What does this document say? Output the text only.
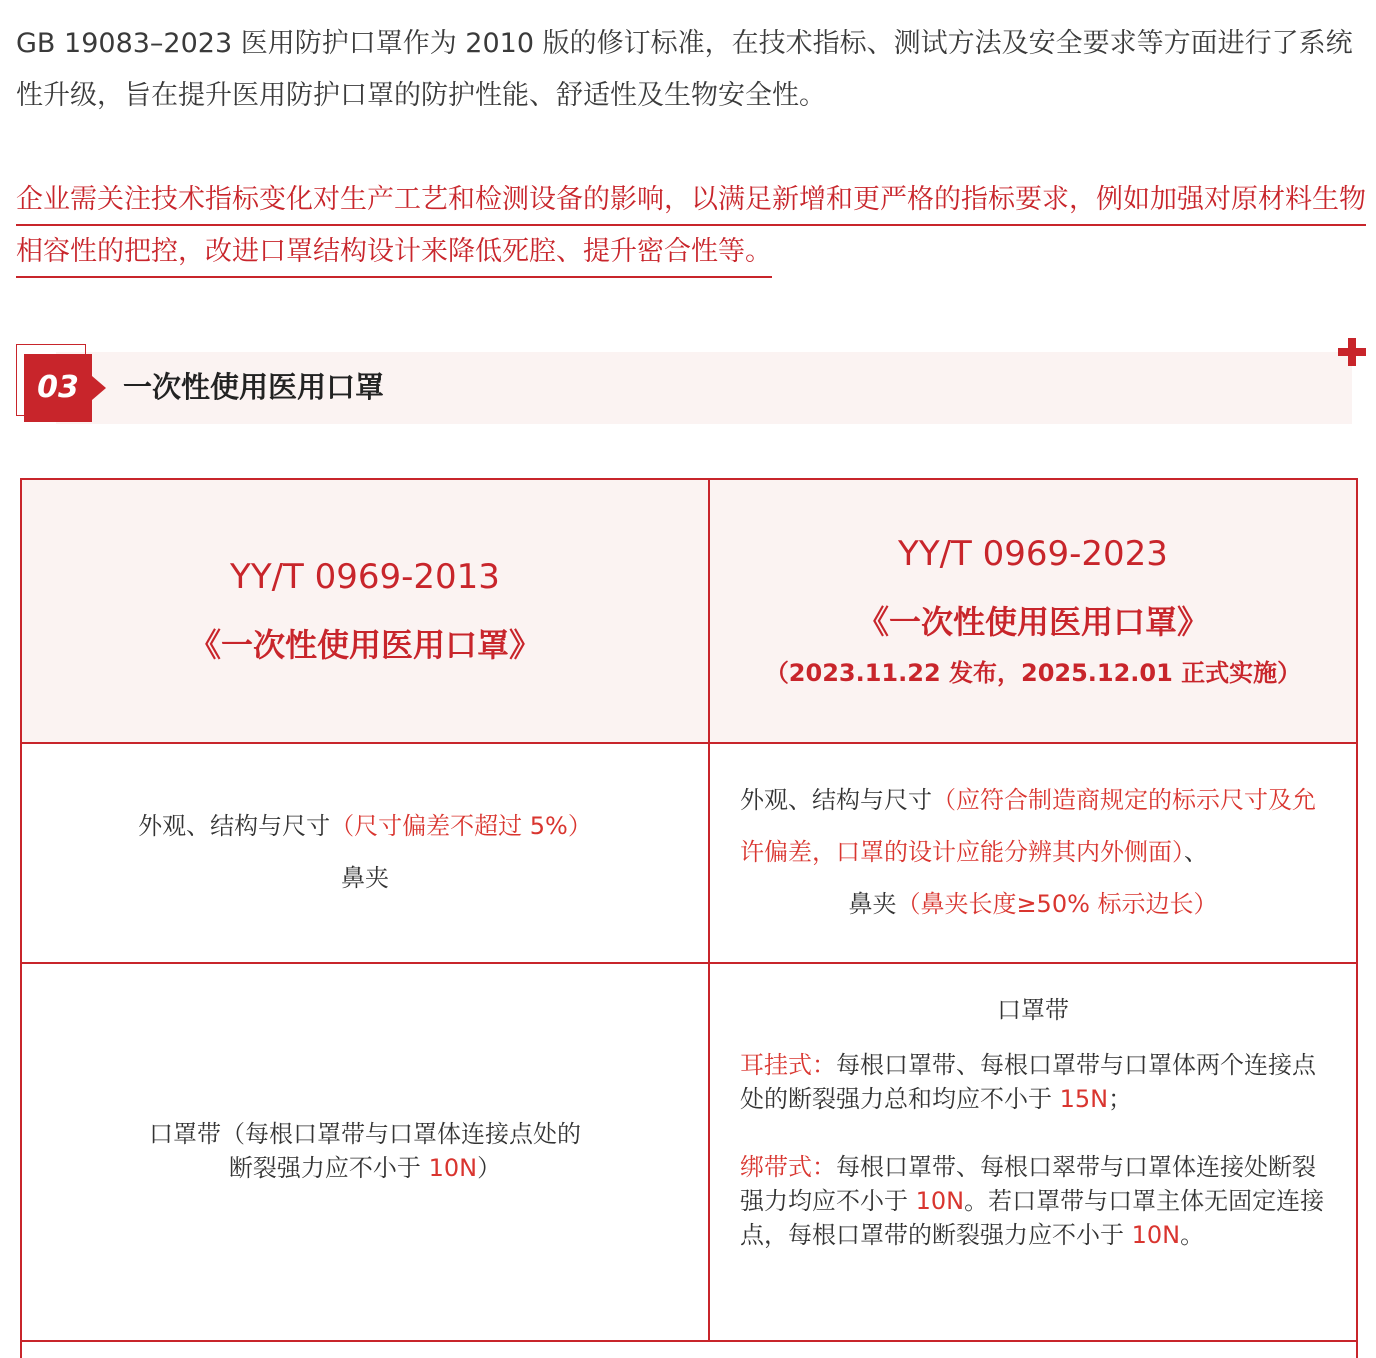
GB 19083–2023 医用防护口罩作为 2010 版的修订标准，在技术指标、测试方法及安全要求等方面进行了系统性升级，旨在提升医用防护口罩的防护性能、舒适性及生物安全性。

企业需关注技术指标变化对生产工艺和检测设备的影响，以满足新增和更严格的指标要求，例如加强对原材料生物相容性的把控，改进口罩结构设计来降低死腔、提升密合性等。

03	一次性使用医用口罩
YY/T 0969-2013
《一次性使用医用口罩》
YY/T 0969-2023
《一次性使用医用口罩》
（2023.11.22 发布，2025.12.01 正式实施）
外观、结构与尺寸（尺寸偏差不超过 5%）
鼻夹
外观、结构与尺寸（应符合制造商规定的标示尺寸及允许偏差，口罩的设计应能分辨其内外侧面）、
鼻夹（鼻夹长度≥50% 标示边长）
口罩带（每根口罩带与口罩体连接点处的
断裂强力应不小于 10N）
口罩带
耳挂式：每根口罩带、每根口罩带与口罩体两个连接点处的断裂强力总和均应不小于 15N；
绑带式：每根口罩带、每根口翠带与口罩体连接处断裂强力均应不小于 10N。若口罩带与口罩主体无固定连接点，每根口罩带的断裂强力应不小于 10N。
